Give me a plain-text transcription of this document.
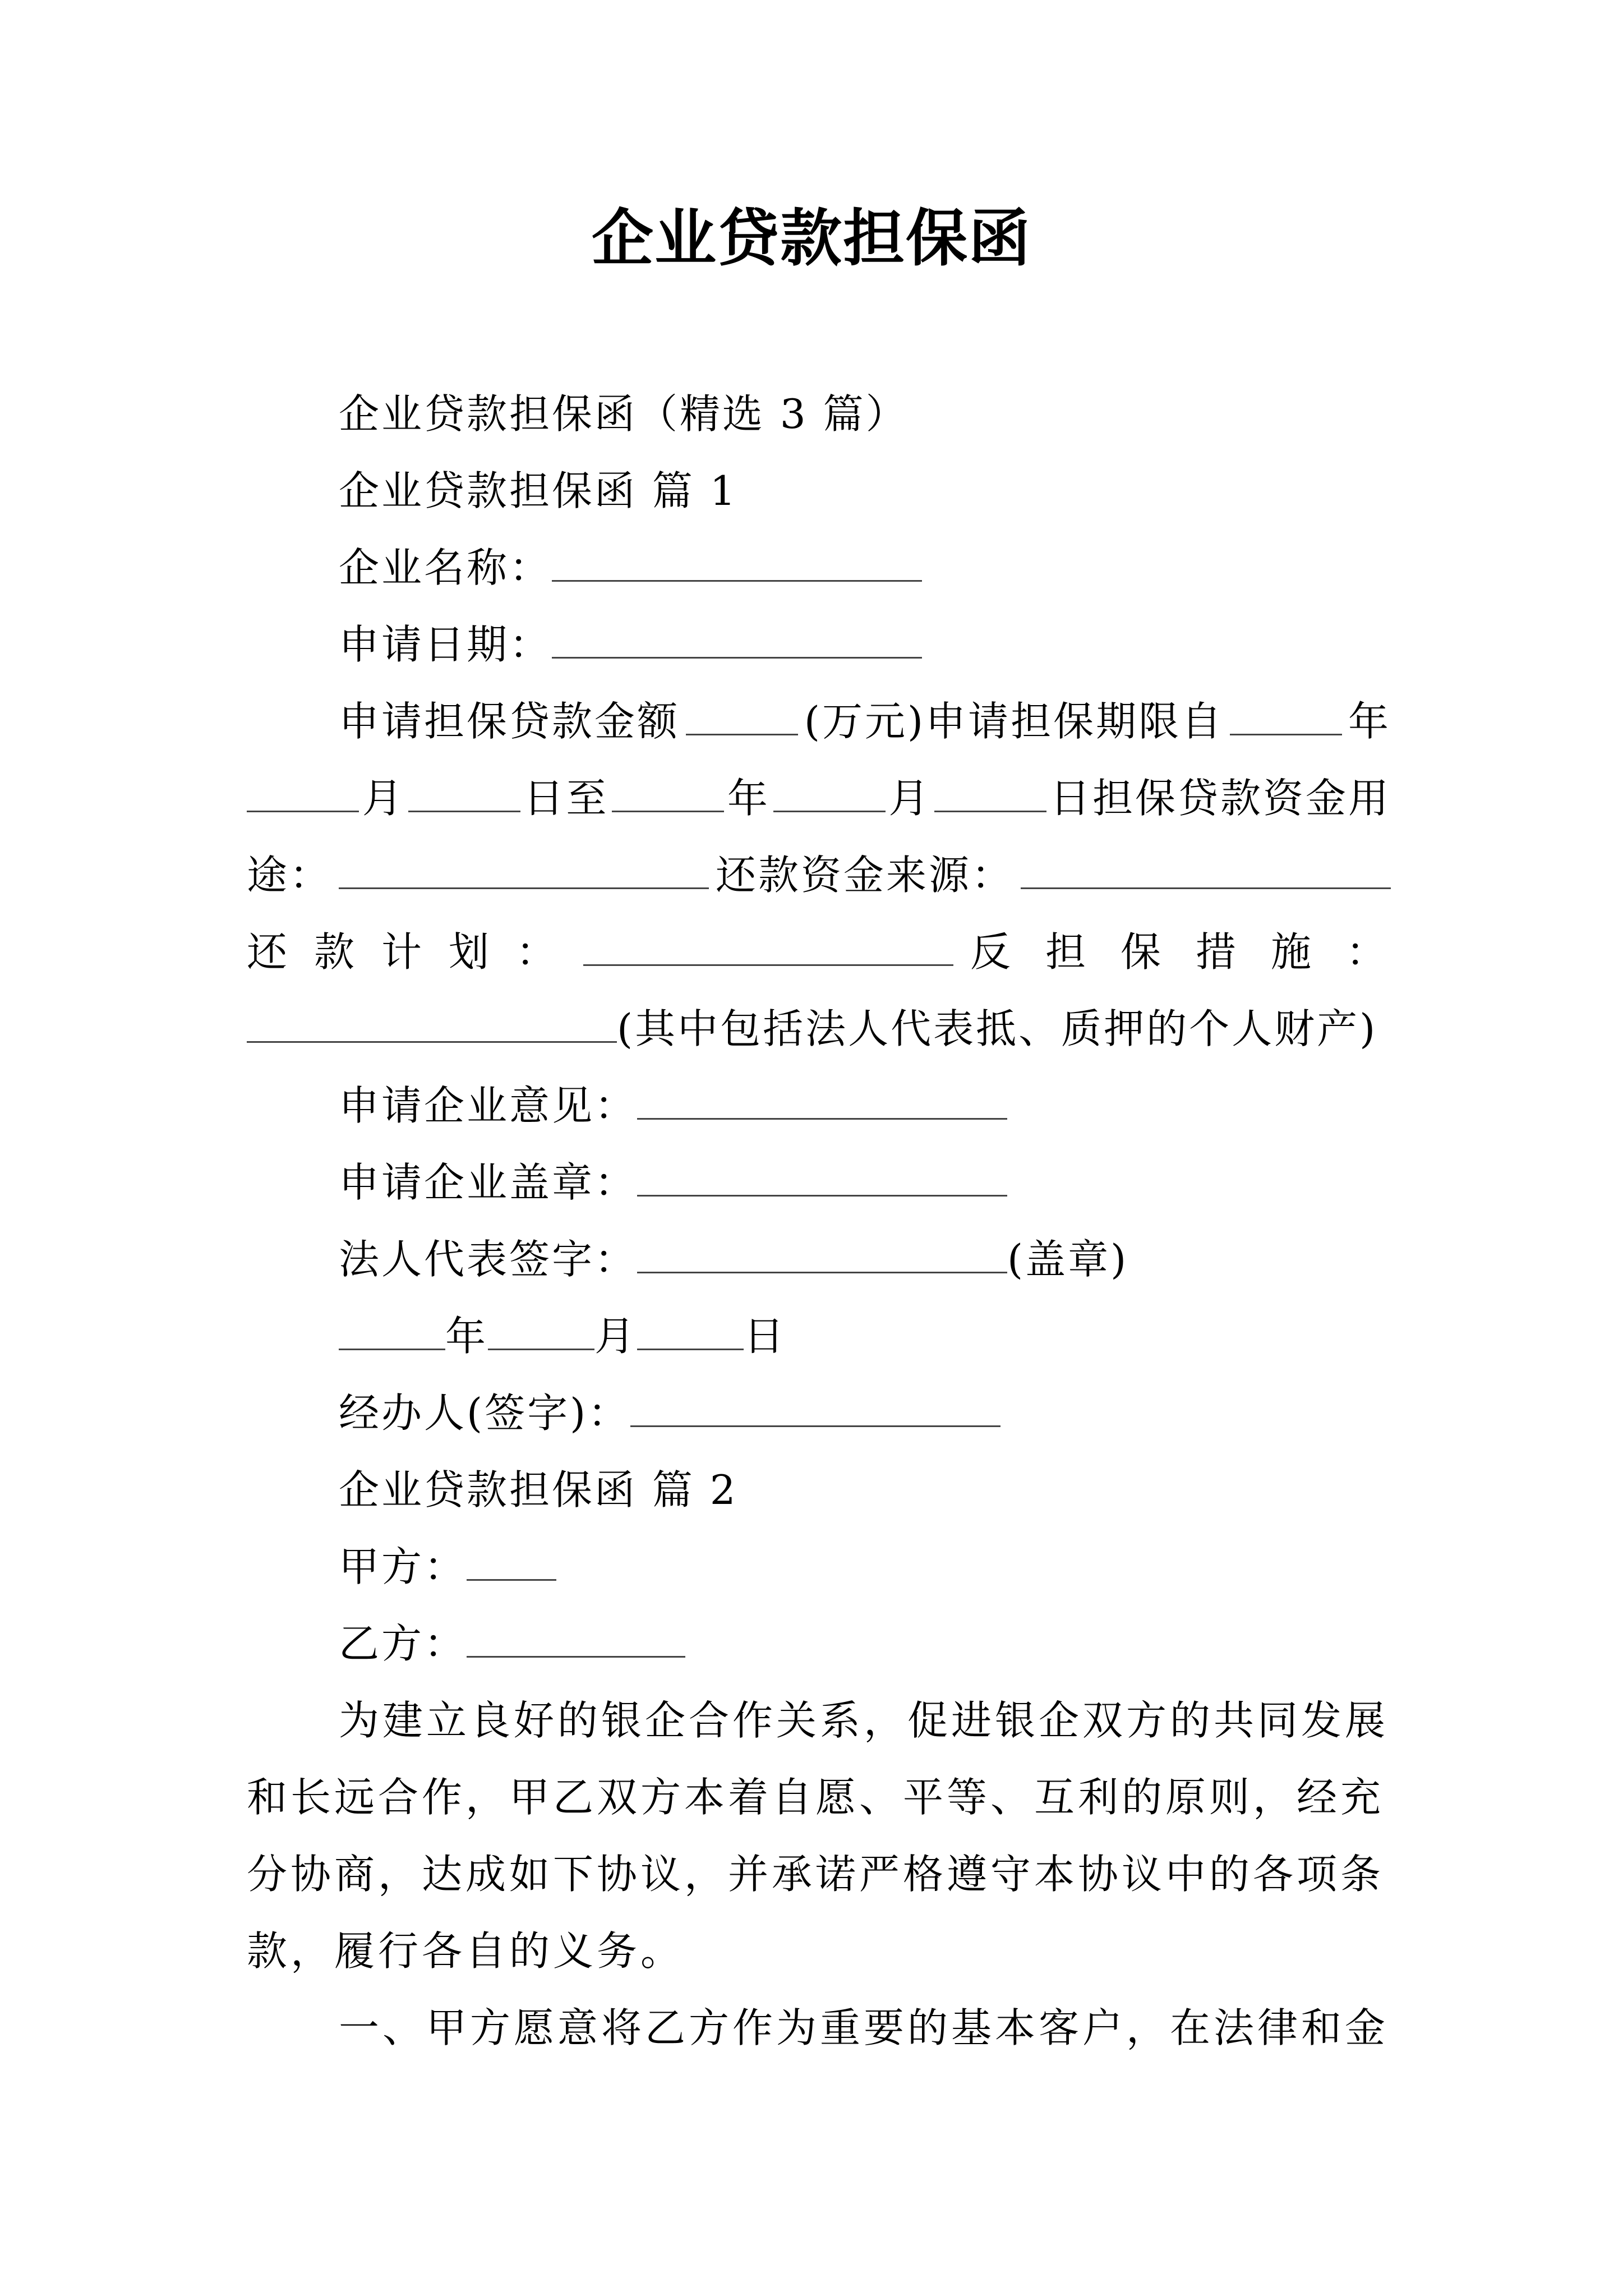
企业贷款担保函
企业贷款担保函（精选 3 篇）
企业贷款担保函 篇 1
企业名称：
申请日期：
申请担保贷款金额	(万元)申请担保期限自	年
月	日至	年	月	日担保贷款资金用
途：	还款资金来源：
还款计划：	反担保措施：
(其中包括法人代表抵、质押的个人财产)
申请企业意见：
申请企业盖章：
法人代表签字：	(盖章)
年	月	日
经办人(签字)：
企业贷款担保函 篇 2
甲方：
乙方：
为建立良好的银企合作关系，促进银企双方的共同发展
和长远合作，甲乙双方本着自愿、平等、互利的原则，经充
分协商，达成如下协议，并承诺严格遵守本协议中的各项条
款，履行各自的义务。
一、甲方愿意将乙方作为重要的基本客户，在法律和金
